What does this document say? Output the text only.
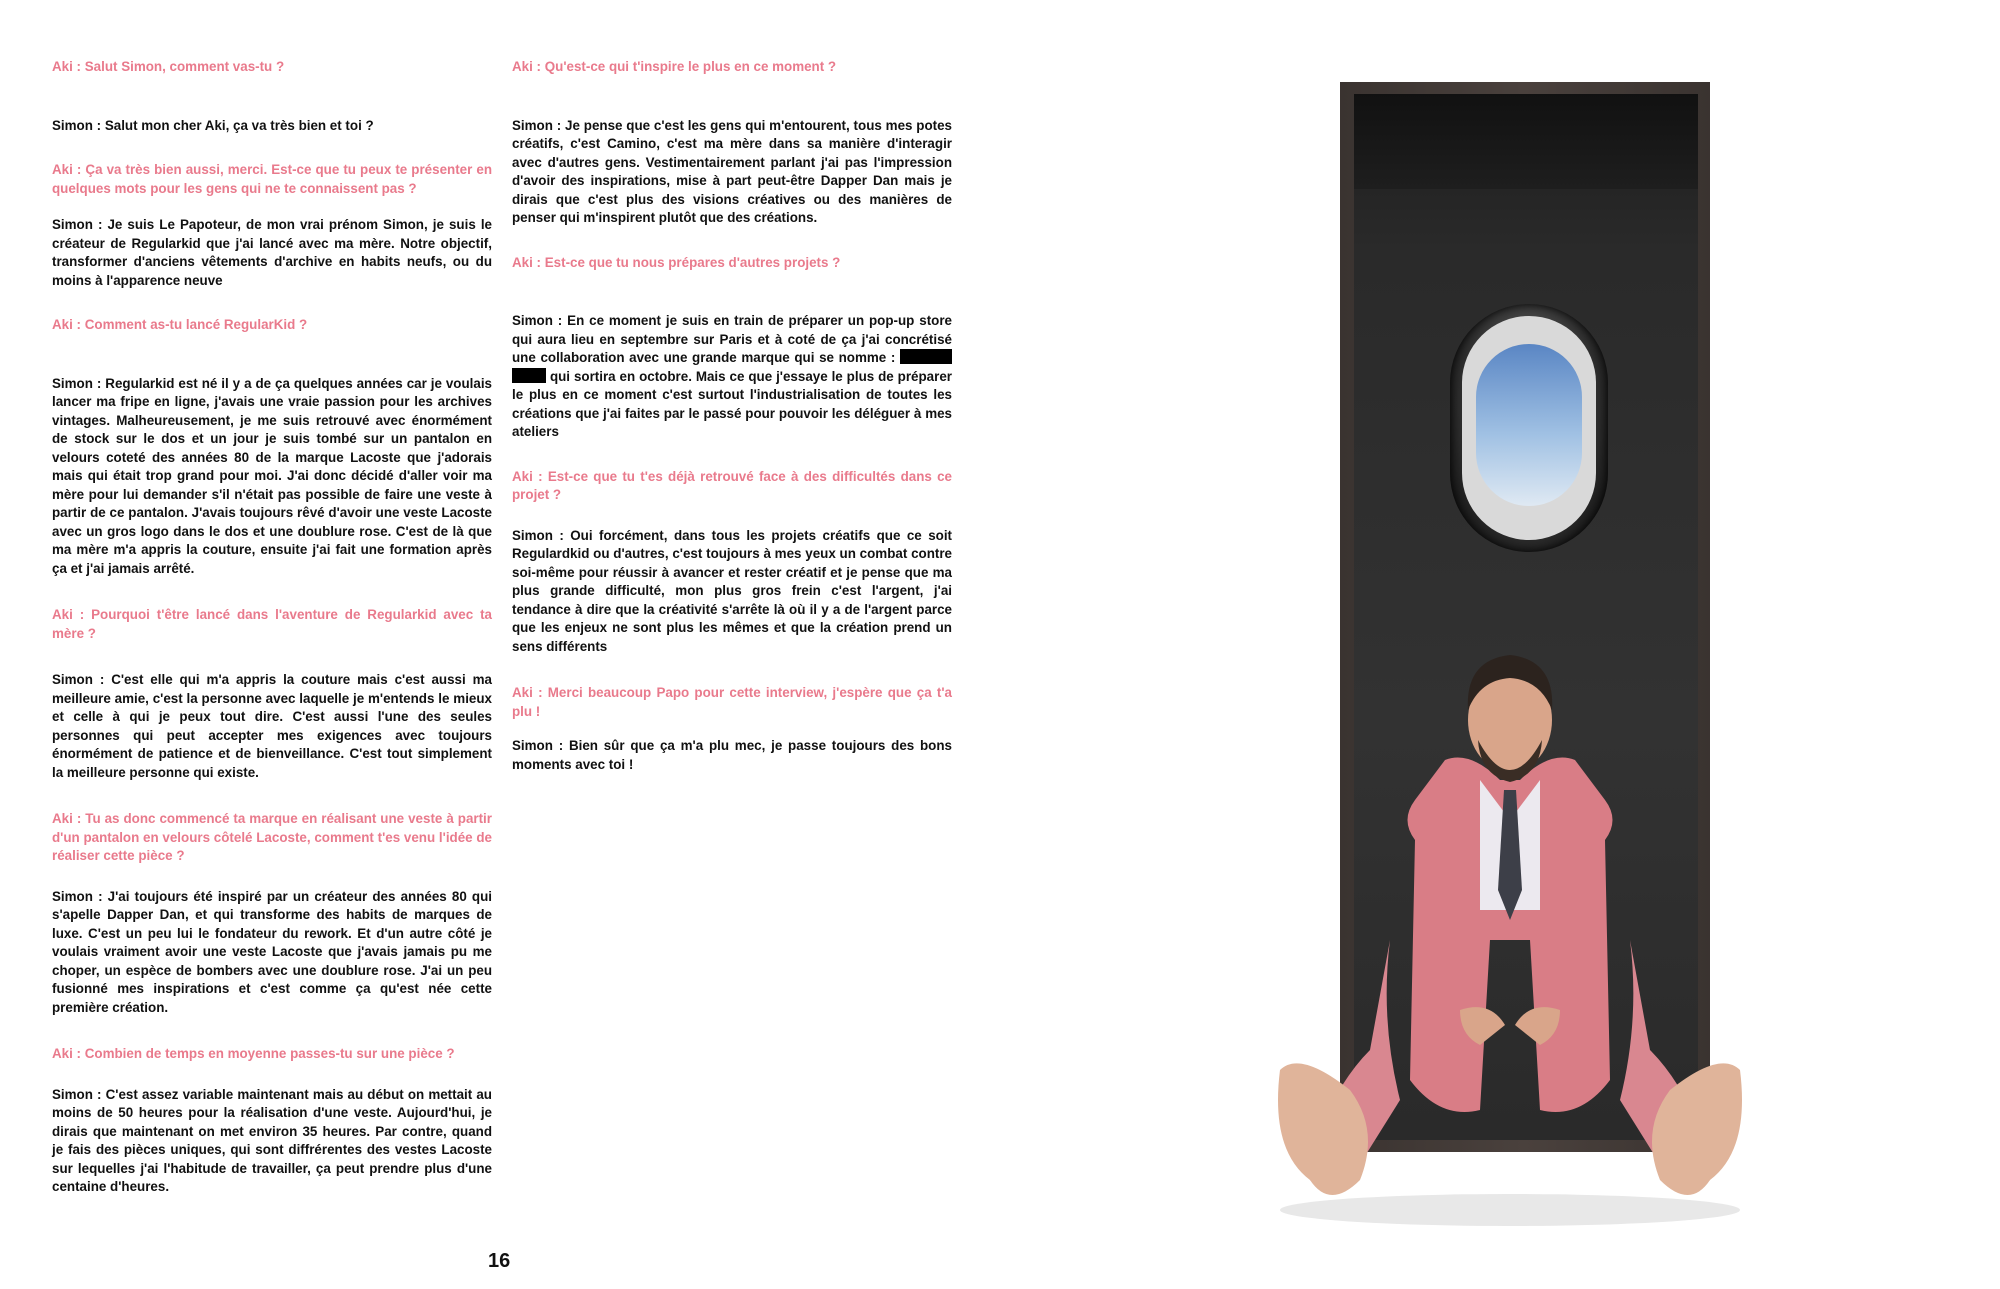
Aki : Salut Simon, comment vas-tu ?

Simon : Salut mon cher Aki, ça va très bien et toi ?

Aki : Ça va très bien aussi, merci. Est-ce que tu peux te présenter en quelques mots pour les gens qui ne te connaissent pas ?

Simon : Je suis Le Papoteur, de mon vrai prénom Simon, je suis le créateur de Regularkid que j'ai lancé avec ma mère. Notre objectif, transformer d'anciens vêtements d'archive en habits neufs, ou du moins à l'apparence neuve

Aki : Comment as-tu lancé RegularKid ?

Simon : Regularkid est né il y a de ça quelques années car je voulais lancer ma fripe en ligne, j'avais une vraie passion pour les archives vintages. Malheureusement, je me suis retrouvé avec énormément de stock sur le dos et un jour je suis tombé sur un pantalon en velours coteté des années 80 de la marque Lacoste que j'adorais mais qui était trop grand pour moi. J'ai donc décidé d'aller voir ma mère pour lui demander s'il n'était pas possible de faire une veste à partir de ce pantalon. J'avais toujours rêvé d'avoir une veste Lacoste avec un gros logo dans le dos et une doublure rose. C'est de là que ma mère m'a appris la couture, ensuite j'ai fait une formation après ça et j'ai jamais arrêté.

Aki : Pourquoi t'être lancé dans l'aventure de Regularkid avec ta mère ?

Simon : C'est elle qui m'a appris la couture mais c'est aussi ma meilleure amie, c'est la personne avec laquelle je m'entends le mieux et celle à qui je peux tout dire. C'est aussi l'une des seules personnes qui peut accepter mes exigences avec toujours énormément de patience et de bienveillance. C'est tout simplement la meilleure personne qui existe.

Aki : Tu as donc commencé ta marque en réalisant une veste à partir d'un pantalon en velours côtelé Lacoste, comment t'es venu l'idée de réaliser cette pièce ?

Simon : J'ai toujours été inspiré par un créateur des années 80 qui s'apelle Dapper Dan, et qui transforme des habits de marques de luxe. C'est un peu lui le fondateur du rework. Et d'un autre côté je voulais vraiment avoir une veste Lacoste que j'avais jamais pu me choper, un espèce de bombers avec une doublure rose. J'ai un peu fusionné mes inspirations et c'est comme ça qu'est née cette première création.

Aki : Combien de temps en moyenne passes-tu sur une pièce ?

Simon : C'est assez variable maintenant mais au début on mettait au moins de 50 heures pour la réalisation d'une veste. Aujourd'hui, je dirais que maintenant on met environ 35 heures. Par contre, quand je fais des pièces uniques, qui sont diffrérentes des vestes Lacoste sur lequelles j'ai l'habitude de travailler, ça peut prendre plus d'une centaine d'heures.

Aki : Qu'est-ce qui t'inspire le plus en ce moment ?

Simon : Je pense que c'est les gens qui m'entourent, tous mes potes créatifs, c'est Camino, c'est ma mère dans sa manière d'interagir avec d'autres gens. Vestimentairement parlant j'ai pas l'impression d'avoir des inspirations, mise à part peut-être Dapper Dan mais je dirais que c'est plus des visions créatives ou des manières de penser qui m'inspirent plutôt que des créations.

Aki : Est-ce que tu nous prépares d'autres projets ?

Simon : En ce moment je suis en train de préparer un pop-up store qui aura lieu en septembre sur Paris et à coté de ça j'ai concrétisé une collaboration avec une grande marque qui se nomme :   qui sortira en octobre. Mais ce que j'essaye le plus de préparer le plus en ce moment c'est surtout l'industrialisation de toutes les créations que j'ai faites par le passé pour pouvoir les déléguer à mes ateliers

Aki : Est-ce que tu t'es déjà retrouvé face à des difficultés dans ce projet ?

Simon : Oui forcément, dans tous les projets créatifs que ce soit Regulardkid ou d'autres, c'est toujours à mes yeux un combat contre soi-même pour réussir à avancer et rester créatif et je pense que ma plus grande difficulté, mon plus gros frein c'est l'argent, j'ai tendance à dire que la créativité s'arrête là où il y a de l'argent parce que les enjeux ne sont plus les mêmes et que la création prend un sens différents

Aki : Merci beaucoup Papo pour cette interview, j'espère que ça t'a plu !

Simon : Bien sûr que ça m'a plu mec, je passe toujours des bons moments avec toi !

16
